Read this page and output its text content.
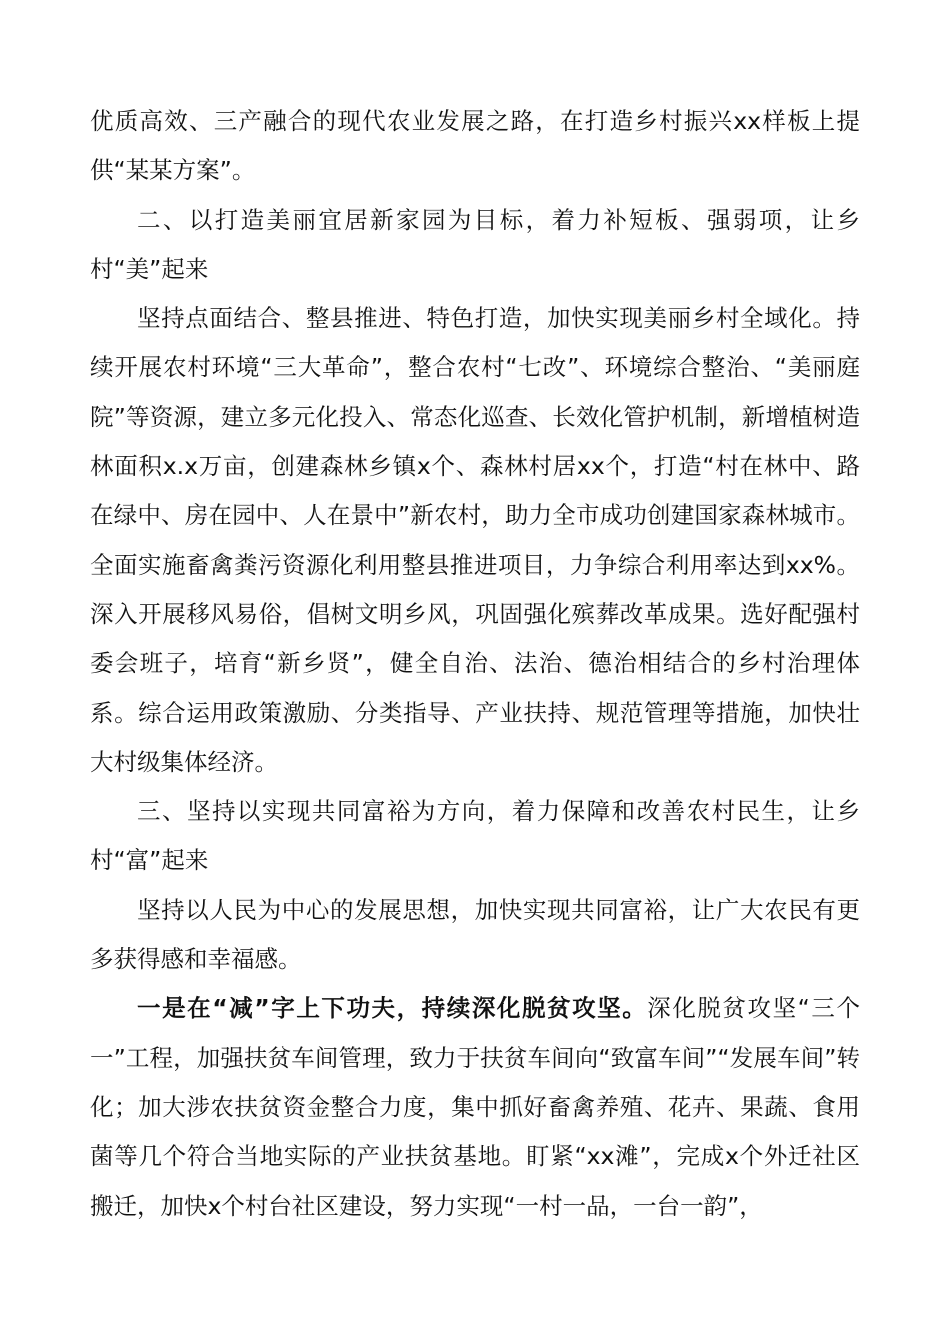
优质高效、三产融合的现代农业发展之路，在打造乡村振兴xx样板上提供“某某方案”。

二、以打造美丽宜居新家园为目标，着力补短板、强弱项，让乡村“美”起来

坚持点面结合、整县推进、特色打造，加快实现美丽乡村全域化。持续开展农村环境“三大革命”，整合农村“七改”、环境综合整治、“美丽庭院”等资源，建立多元化投入、常态化巡查、长效化管护机制，新增植树造林面积x.x万亩，创建森林乡镇x个、森林村居xx个，打造“村在林中、路在绿中、房在园中、人在景中”新农村，助力全市成功创建国家森林城市。全面实施畜禽粪污资源化利用整县推进项目，力争综合利用率达到xx%。深入开展移风易俗，倡树文明乡风，巩固强化殡葬改革成果。选好配强村委会班子，培育“新乡贤”，健全自治、法治、德治相结合的乡村治理体系。综合运用政策激励、分类指导、产业扶持、规范管理等措施，加快壮大村级集体经济。

三、坚持以实现共同富裕为方向，着力保障和改善农村民生，让乡村“富”起来

坚持以人民为中心的发展思想，加快实现共同富裕，让广大农民有更多获得感和幸福感。

一是在“减”字上下功夫，持续深化脱贫攻坚。深化脱贫攻坚“三个一”工程，加强扶贫车间管理，致力于扶贫车间向“致富车间”“发展车间”转化；加大涉农扶贫资金整合力度，集中抓好畜禽养殖、花卉、果蔬、食用菌等几个符合当地实际的产业扶贫基地。盯紧“xx滩”，完成x个外迁社区搬迁，加快x个村台社区建设，努力实现“一村一品，一台一韵”，
